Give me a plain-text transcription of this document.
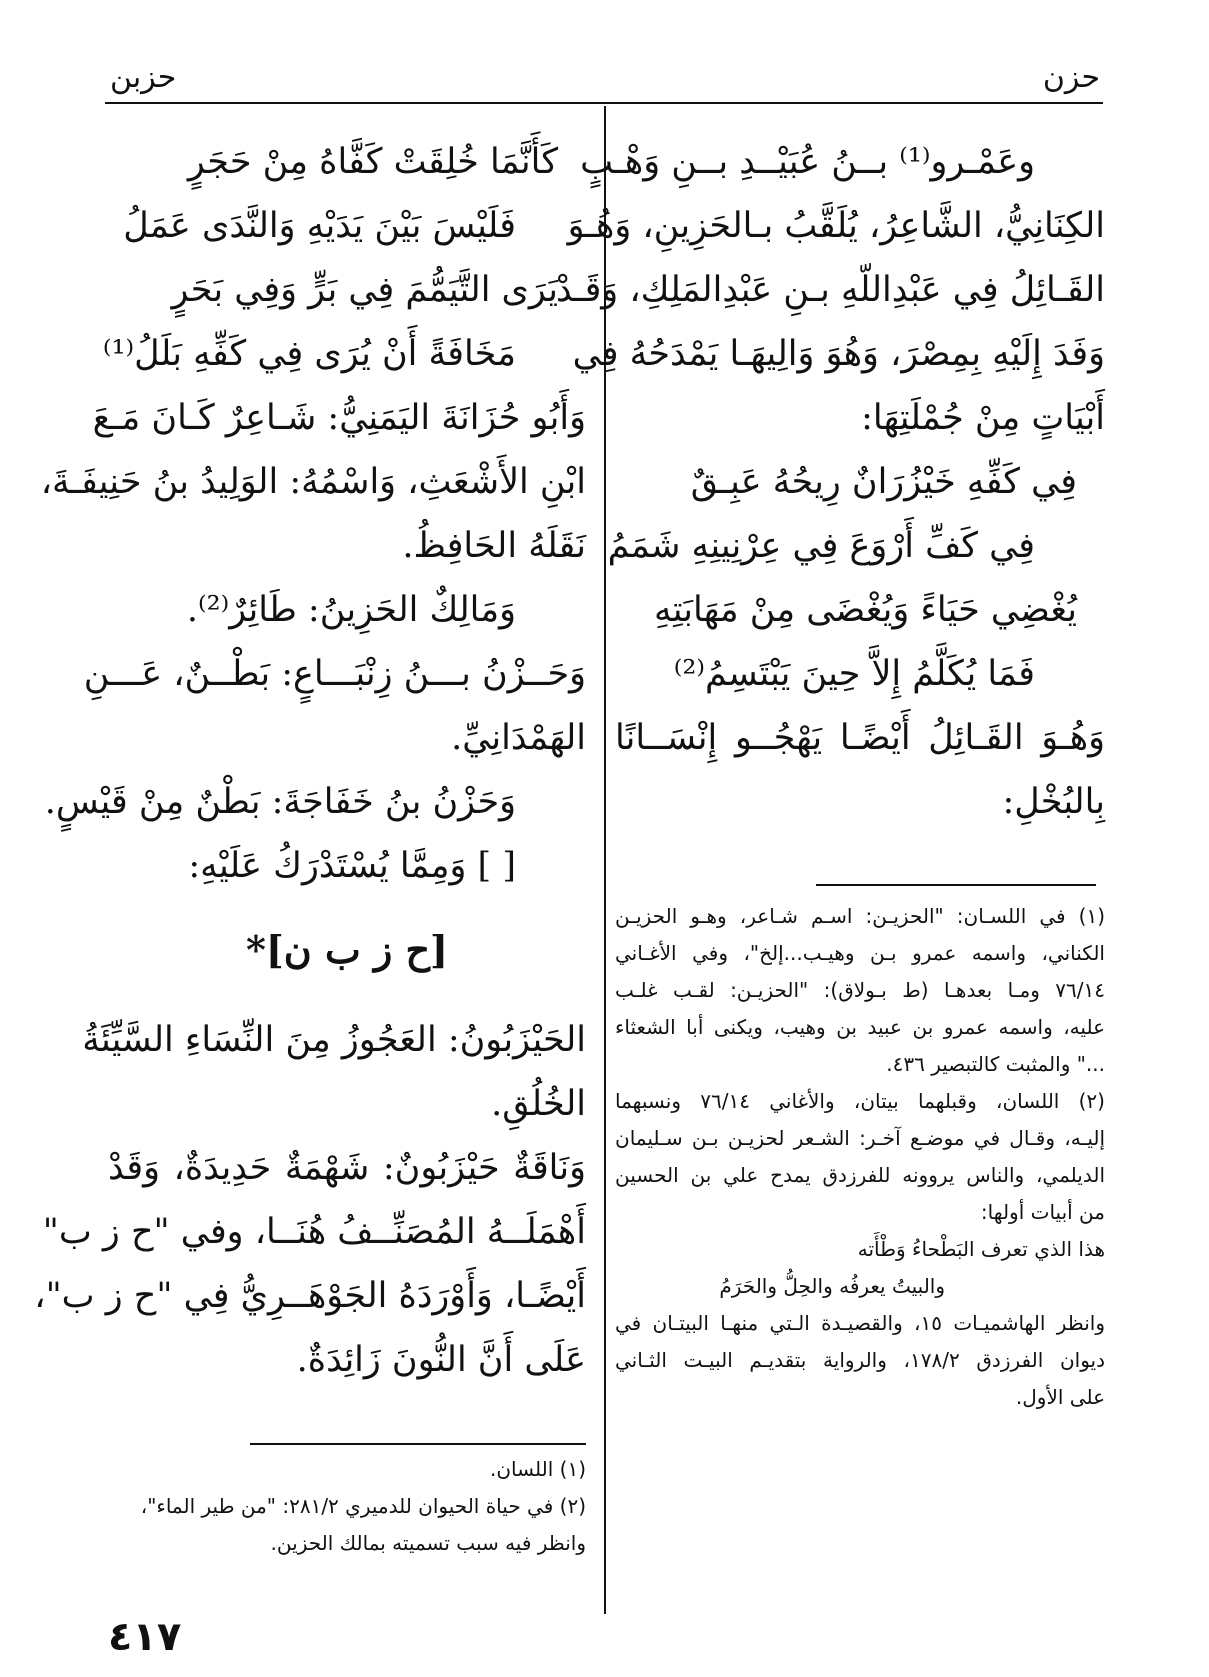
حزن
حزبن
وعَمْـرو⁽¹⁾ بــنُ عُبَيْــدِ بــنِ وَهْـبٍ
الكِنَانِيُّ، الشَّاعِرُ، يُلَقَّبُ بـالحَزِينِ، وَهُـوَ
القَـائِلُ فِي عَبْدِاللّهِ بـنِ عَبْدِالمَلِكِ، وَقَـدْ
وَفَدَ إِلَيْهِ بِمِصْرَ، وَهُوَ وَالِيهَـا يَمْدَحُهُ فِي
أَبْيَاتٍ مِنْ جُمْلَتِهَا:
فِي كَفِّهِ خَيْزُرَانٌ رِيحُهُ عَبِـقٌ
فِي كَفِّ أَرْوَعَ فِي عِرْنِينِهِ شَمَمُ
يُغْضِي حَيَاءً وَيُغْضَى مِنْ مَهَابَتِهِ
فَمَا يُكَلَّمُ إِلاَّ حِينَ يَبْتَسِمُ⁽²⁾
وَهُـوَ القَـائِلُ أَيْضًـا يَهْجُــو إِنْسَــانًا
بِالبُخْلِ:
(١) في اللسـان: "الحزيـن: اسـم شـاعر، وهـو الحزيـن
الكناني، واسمه عمرو بـن وهيـب...إلخ"، وفي الأغـاني
٧٦/١٤ ومـا بعدهـا (ط بـولاق): "الحزيـن: لقـب غلـب
عليه، واسمه عمرو بن عبيد بن وهيب، ويكنى أبا الشعثاء
..." والمثبت كالتبصير ٤٣٦.
(٢) اللسان، وقبلهما بيتان، والأغاني ٧٦/١٤ ونسبهما
إليـه، وقـال في موضـع آخـر: الشـعر لحزيـن بـن سـليمان
الديلمي، والناس يروونه للفرزدق يمدح علي بن الحسين
من أبيات أولها:
هذا الذي تعرف البَطْحاءُ وَطْأَته
والبيتُ يعرفُه والحِلُّ والحَرَمُ
وانظر الهاشميـات ١٥، والقصيـدة الـتي منهـا البيتـان في
ديوان الفرزدق ١٧٨/٢، والرواية بتقديـم البيـت الثـاني
على الأول.
كَأَنَّمَا خُلِقَتْ كَفَّاهُ مِنْ حَجَرٍ
فَلَيْسَ بَيْنَ يَدَيْهِ وَالنَّدَى عَمَلُ
يَرَى التَّيَمُّمَ فِي بَرٍّ وَفِي بَحَرٍ
مَخَافَةً أَنْ يُرَى فِي كَفِّهِ بَلَلُ⁽¹⁾
وَأَبُو حُزَانَةَ اليَمَنِيُّ: شَـاعِرٌ كَـانَ مَـعَ
ابْنِ الأَشْعَثِ، وَاسْمُهُ: الوَلِيدُ بنُ حَنِيفَـةَ،
نَقَلَهُ الحَافِظُ.
وَمَالِكٌ الحَزِينُ: طَائِرٌ⁽²⁾.
وَحَــزْنُ بـــنُ زِنْبَـــاعٍ: بَطْــنٌ، عَـــنِ
الهَمْدَانِيِّ.
وَحَزْنُ بنُ خَفَاجَةَ: بَطْنٌ مِنْ قَيْسٍ.
[ ] وَمِمَّا يُسْتَدْرَكُ عَلَيْهِ:
[ح ز ب ن]*
الحَيْزَبُونُ: العَجُوزُ مِنَ النِّسَاءِ السَّيِّئَةُ
الخُلُقِ.
وَنَاقَةٌ حَيْزَبُونٌ: شَهْمَةٌ حَدِيدَةٌ، وَقَدْ
أَهْمَلَــهُ المُصَنِّــفُ هُنَــا، وفي "ح ز ب"
أَيْضًـا، وَأَوْرَدَهُ الجَوْهَــرِيُّ فِي "ح ز ب"،
عَلَى أَنَّ النُّونَ زَائِدَةٌ.
(١) اللسان.
(٢) في حياة الحيوان للدميري ٢٨١/٢: "من طير الماء"،
وانظر فيه سبب تسميته بمالك الحزين.
٤١٧
